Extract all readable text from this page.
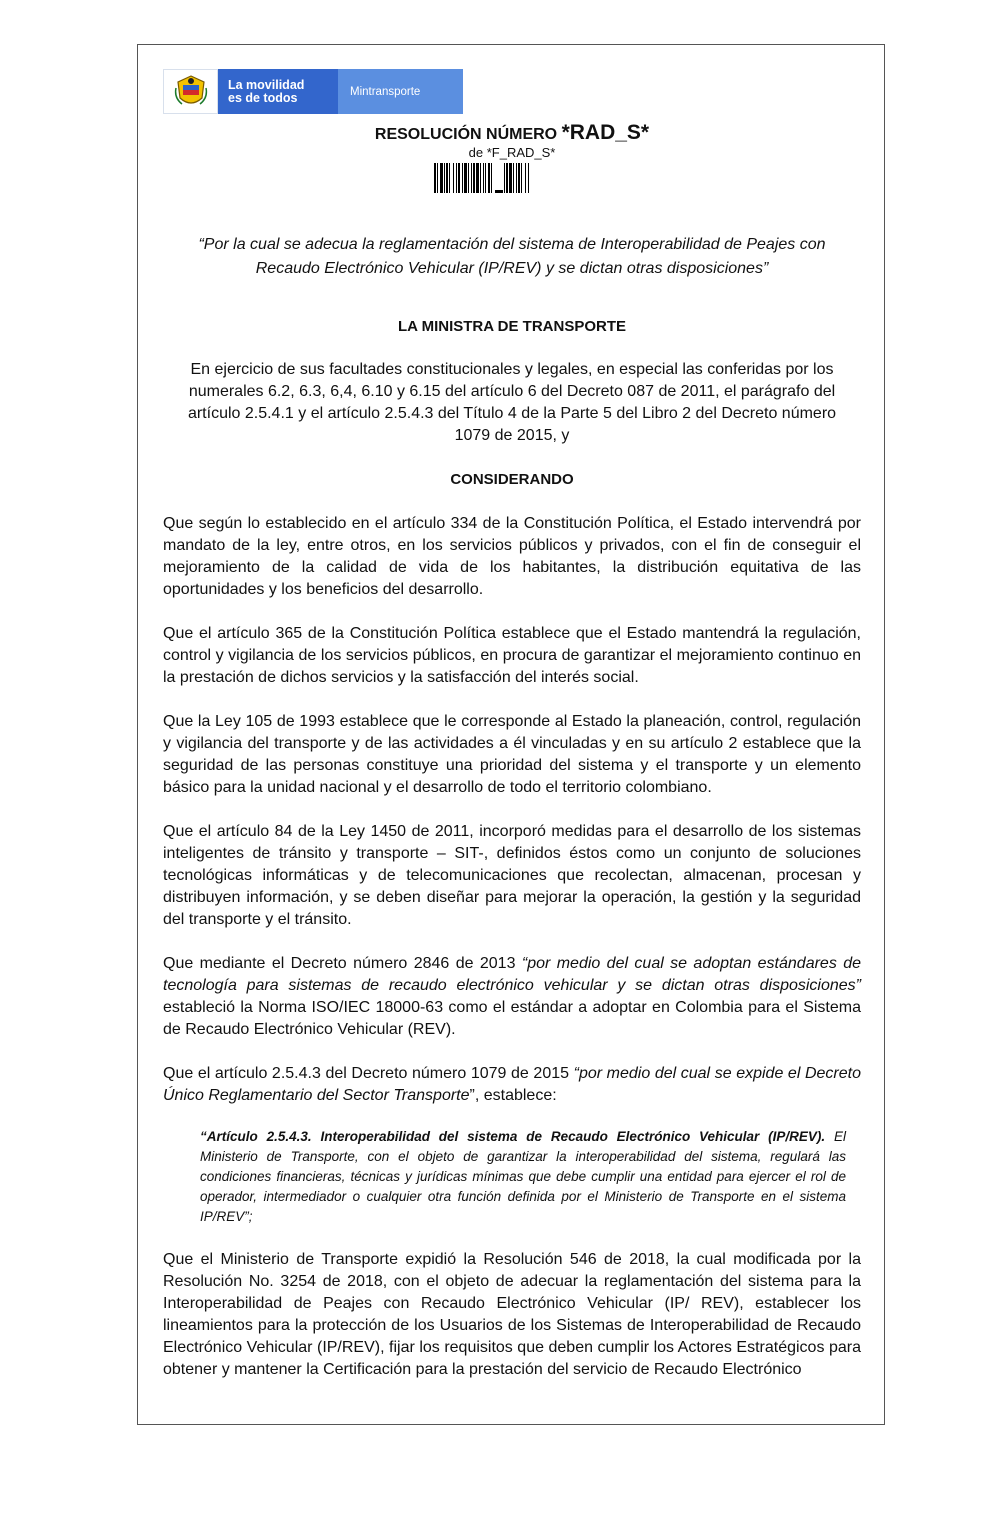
La movilidad
es de todos	Mintransporte
RESOLUCIÓN NÚMERO *RAD_S*
de *F_RAD_S*
“Por la cual se adecua la reglamentación del sistema de Interoperabilidad de Peajes con Recaudo Electrónico Vehicular (IP/REV) y se dictan otras disposiciones”
LA MINISTRA DE TRANSPORTE
En ejercicio de sus facultades constitucionales y legales, en especial las conferidas por los numerales 6.2, 6.3, 6,4, 6.10 y 6.15 del artículo 6 del Decreto 087 de 2011, el parágrafo del artículo 2.5.4.1 y el artículo 2.5.4.3 del Título 4 de la Parte 5 del Libro 2 del Decreto número 1079 de 2015, y
CONSIDERANDO
Que según lo establecido en el artículo 334 de la Constitución Política, el Estado intervendrá por mandato de la ley, entre otros, en los servicios públicos y privados, con el fin de conseguir el mejoramiento de la calidad de vida de los habitantes, la distribución equitativa de las oportunidades y los beneficios del desarrollo.
Que el artículo 365 de la Constitución Política establece que el Estado mantendrá la regulación, control y vigilancia de los servicios públicos, en procura de garantizar el mejoramiento continuo en la prestación de dichos servicios y la satisfacción del interés social.
Que la Ley 105 de 1993 establece que le corresponde al Estado la planeación, control, regulación y vigilancia del transporte y de las actividades a él vinculadas y en su artículo 2 establece que la seguridad de las personas constituye una prioridad del sistema y el transporte y un elemento básico para la unidad nacional y el desarrollo de todo el territorio colombiano.
Que el artículo 84 de la Ley 1450 de 2011, incorporó medidas para el desarrollo de los sistemas inteligentes de tránsito y transporte – SIT-, definidos éstos como un conjunto de soluciones tecnológicas informáticas y de telecomunicaciones que recolectan, almacenan, procesan y distribuyen información, y se deben diseñar para mejorar la operación, la gestión y la seguridad del transporte y el tránsito.
Que mediante el Decreto número 2846 de 2013 “por medio del cual se adoptan estándares de tecnología para sistemas de recaudo electrónico vehicular y se dictan otras disposiciones” estableció la Norma ISO/IEC 18000-63 como el estándar a adoptar en Colombia para el Sistema de Recaudo Electrónico Vehicular (REV).
Que el artículo 2.5.4.3 del Decreto número 1079 de 2015 “por medio del cual se expide el Decreto Único Reglamentario del Sector Transporte”, establece:
“Artículo 2.5.4.3. Interoperabilidad del sistema de Recaudo Electrónico Vehicular (IP/REV). El Ministerio de Transporte, con el objeto de garantizar la interoperabilidad del sistema, regulará las condiciones financieras, técnicas y jurídicas mínimas que debe cumplir una entidad para ejercer el rol de operador, intermediador o cualquier otra función definida por el Ministerio de Transporte en el sistema IP/REV”;
Que el Ministerio de Transporte expidió la Resolución 546 de 2018, la cual modificada por la Resolución No. 3254 de 2018, con el objeto de adecuar la reglamentación del sistema para la Interoperabilidad de Peajes con Recaudo Electrónico Vehicular (IP/ REV), establecer los lineamientos para la protección de los Usuarios de los Sistemas de Interoperabilidad de Recaudo Electrónico Vehicular (IP/REV), fijar los requisitos que deben cumplir los Actores Estratégicos para obtener y mantener la Certificación para la prestación del servicio de Recaudo Electrónico
